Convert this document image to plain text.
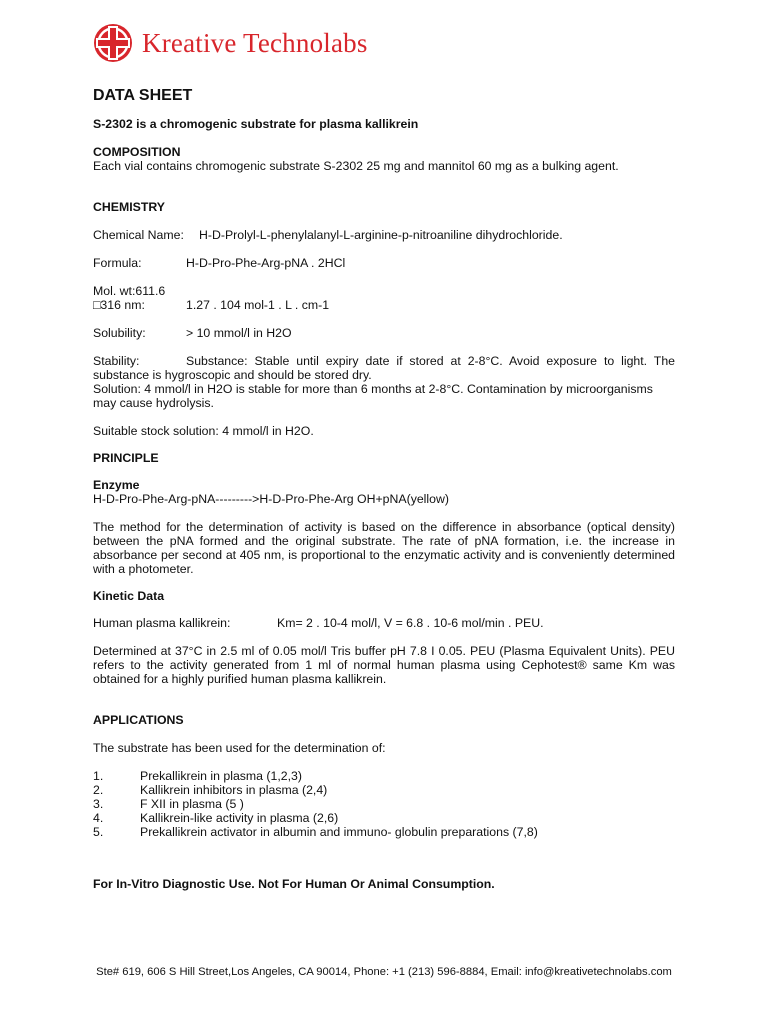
Kreative Technolabs
DATA SHEET

S-2302 is a chromogenic substrate for plasma kallikrein

COMPOSITION

Each vial contains chromogenic substrate S-2302 25 mg and mannitol 60 mg as a bulking agent.

CHEMISTRY

Chemical Name:	H-D-Prolyl-L-phenylalanyl-L-arginine-p-nitroaniline dihydrochloride.
Formula:	H-D-Pro-Phe-Arg-pNA . 2HCl

Mol. wt:611.6

□316 nm:	1.27 . 104 mol-1 . L . cm-1
Solubility:	> 10 mmol/l in H2O

Stability:	Substance: Stable until expiry date if stored at 2-8°C. Avoid exposure to light. The substance is hygroscopic and should be stored dry.

Solution: 4 mmol/l in H2O is stable for more than 6 months at 2-8°C. Contamination by microorganisms

may cause hydrolysis.

Suitable stock solution: 4 mmol/l in H2O.

PRINCIPLE

Enzyme

H-D-Pro-Phe-Arg-pNA--------->H-D-Pro-Phe-Arg OH+pNA(yellow)

The method for the determination of activity is based on the difference in absorbance (optical density) between the pNA formed and the original substrate. The rate of pNA formation, i.e. the increase in absorbance per second at 405 nm, is proportional to the enzymatic activity and is conveniently determined with a photometer.

Kinetic Data

Human plasma kallikrein:	Km= 2 . 10-4 mol/l, V = 6.8 . 10-6 mol/min . PEU.

Determined at 37°C in 2.5 ml of 0.05 mol/l Tris buffer pH 7.8 I 0.05. PEU (Plasma Equivalent Units). PEU refers to the activity generated from 1 ml of normal human plasma using Cephotest® same Km was obtained for a highly purified human plasma kallikrein.

APPLICATIONS

The substrate has been used for the determination of:

1.	Prekallikrein in plasma (1,2,3)
2.	Kallikrein inhibitors in plasma (2,4)
3.	F XII in plasma (5 )
4.	Kallikrein-like activity in plasma (2,6)
5.	Prekallikrein activator in albumin and immuno- globulin preparations (7,8)

For In-Vitro Diagnostic Use. Not For Human Or Animal Consumption.

Ste# 619, 606 S Hill Street,Los Angeles, CA 90014, Phone: +1 (213) 596-8884, Email: info@kreativetechnolabs.com
